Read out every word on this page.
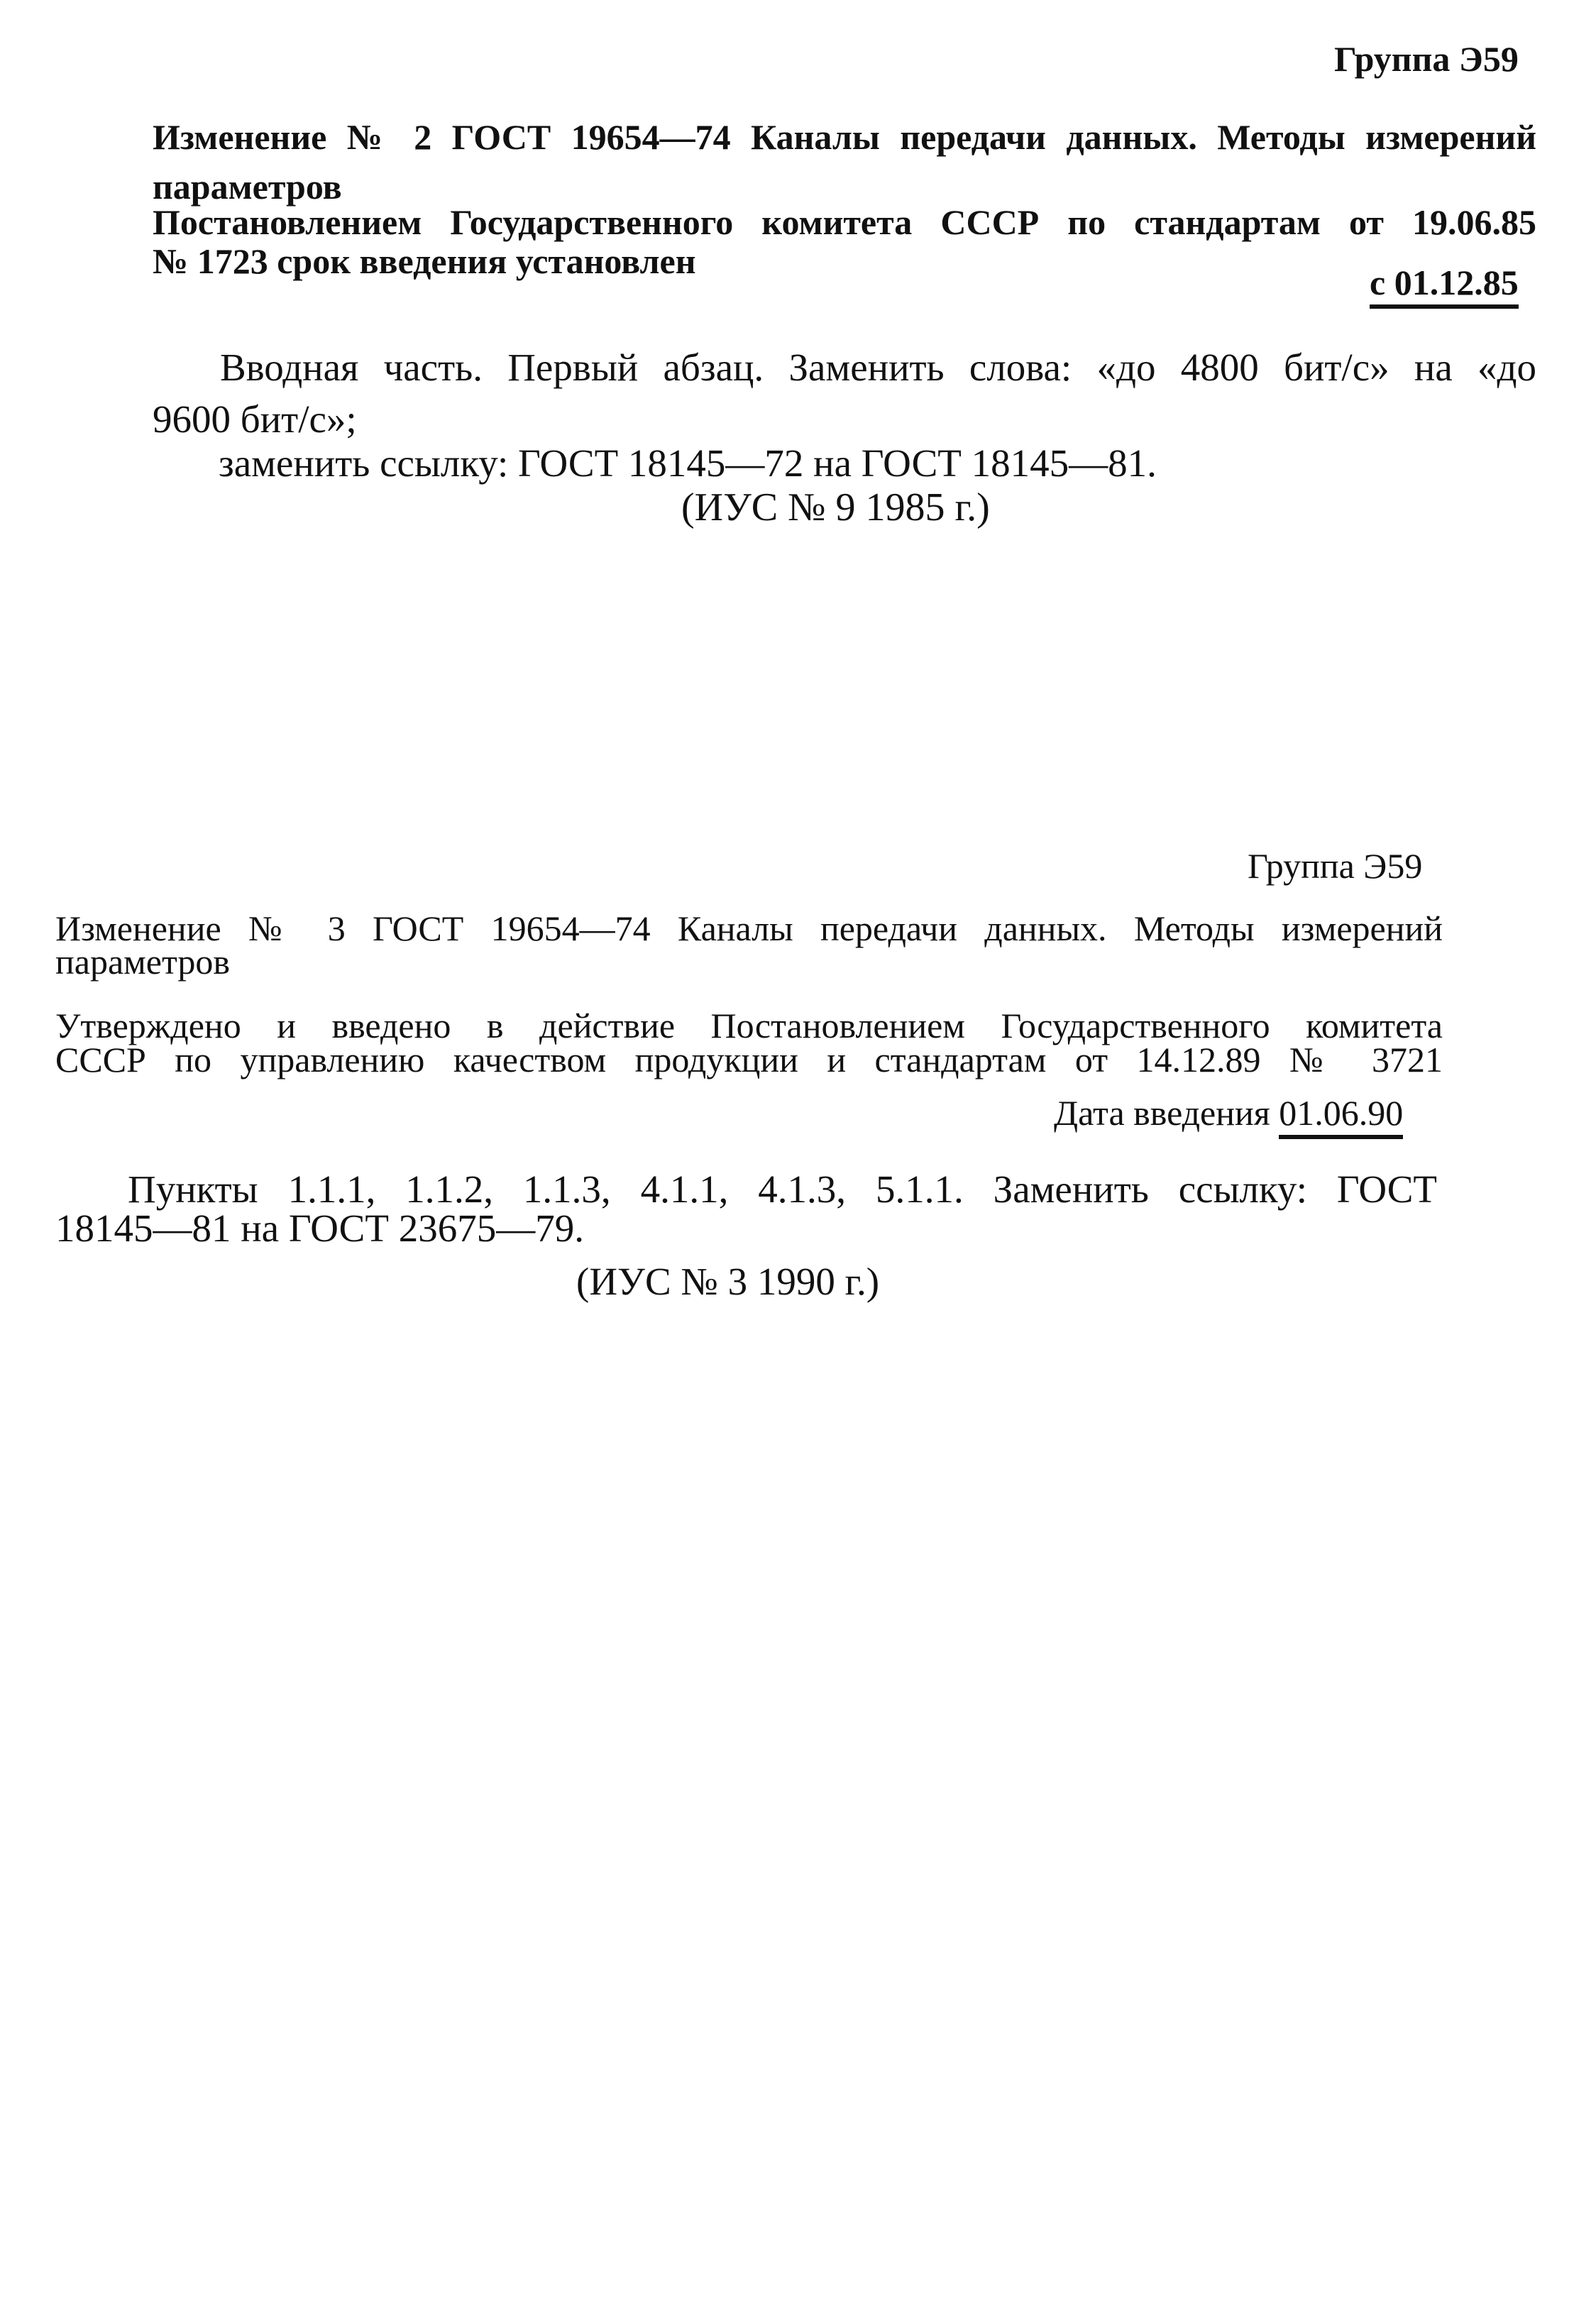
Группа Э59
Изменение № 2 ГОСТ 19654—74 Каналы передачи данных. Методы измерений
параметров
Постановлением Государственного комитета СССР по стандартам от 19.06.85
№ 1723 срок введения установлен
с 01.12.85
Вводная часть. Первый абзац. Заменить слова: «до 4800 бит/с» на «до
9600 бит/с»;
заменить ссылку: ГОСТ 18145—72 на ГОСТ 18145—81.
(ИУС № 9 1985 г.)
Группа Э59
Изменение № 3 ГОСТ 19654—74 Каналы передачи данных. Методы измерений
параметров
Утверждено и введено в действие Постановлением Государственного комитета
СССР по управлению качеством продукции и стандартам от 14.12.89 № 3721
Дата введения 01.06.90
Пункты 1.1.1, 1.1.2, 1.1.3, 4.1.1, 4.1.3, 5.1.1. Заменить ссылку: ГОСТ
18145—81 на ГОСТ 23675—79.
(ИУС № 3 1990 г.)
